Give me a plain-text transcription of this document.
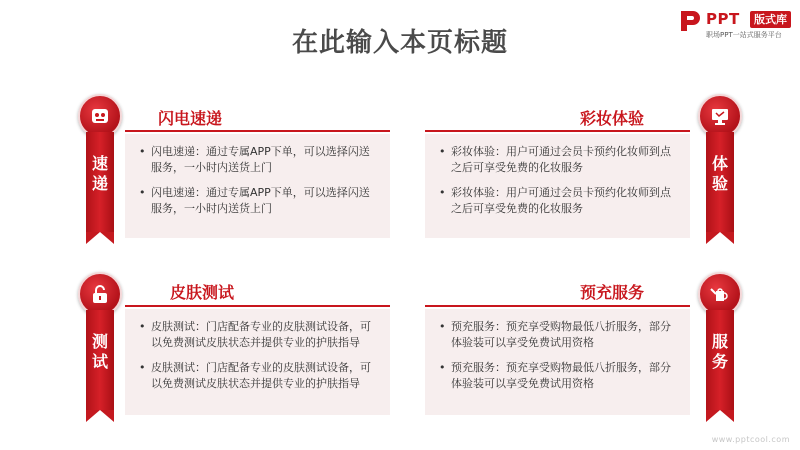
在此输入本页标题
PPT	版式库
职场PPT一站式服务平台
速递
闪电速递
• 闪电速递：通过专属APP下单，可以选择闪送服务，一小时内送货上门
• 闪电速递：通过专属APP下单，可以选择闪送服务，一小时内送货上门
体验
彩妆体验
• 彩妆体验：用户可通过会员卡预约化妆师到点之后可享受免费的化妆服务
• 彩妆体验：用户可通过会员卡预约化妆师到点之后可享受免费的化妆服务
测试
皮肤测试
• 皮肤测试：门店配备专业的皮肤测试设备，可以免费测试皮肤状态并提供专业的护肤指导
• 皮肤测试：门店配备专业的皮肤测试设备，可以免费测试皮肤状态并提供专业的护肤指导
服务
预充服务
• 预充服务：预充享受购物最低八折服务，部分体验装可以享受免费试用资格
• 预充服务：预充享受购物最低八折服务，部分体验装可以享受免费试用资格
www.pptcool.com
